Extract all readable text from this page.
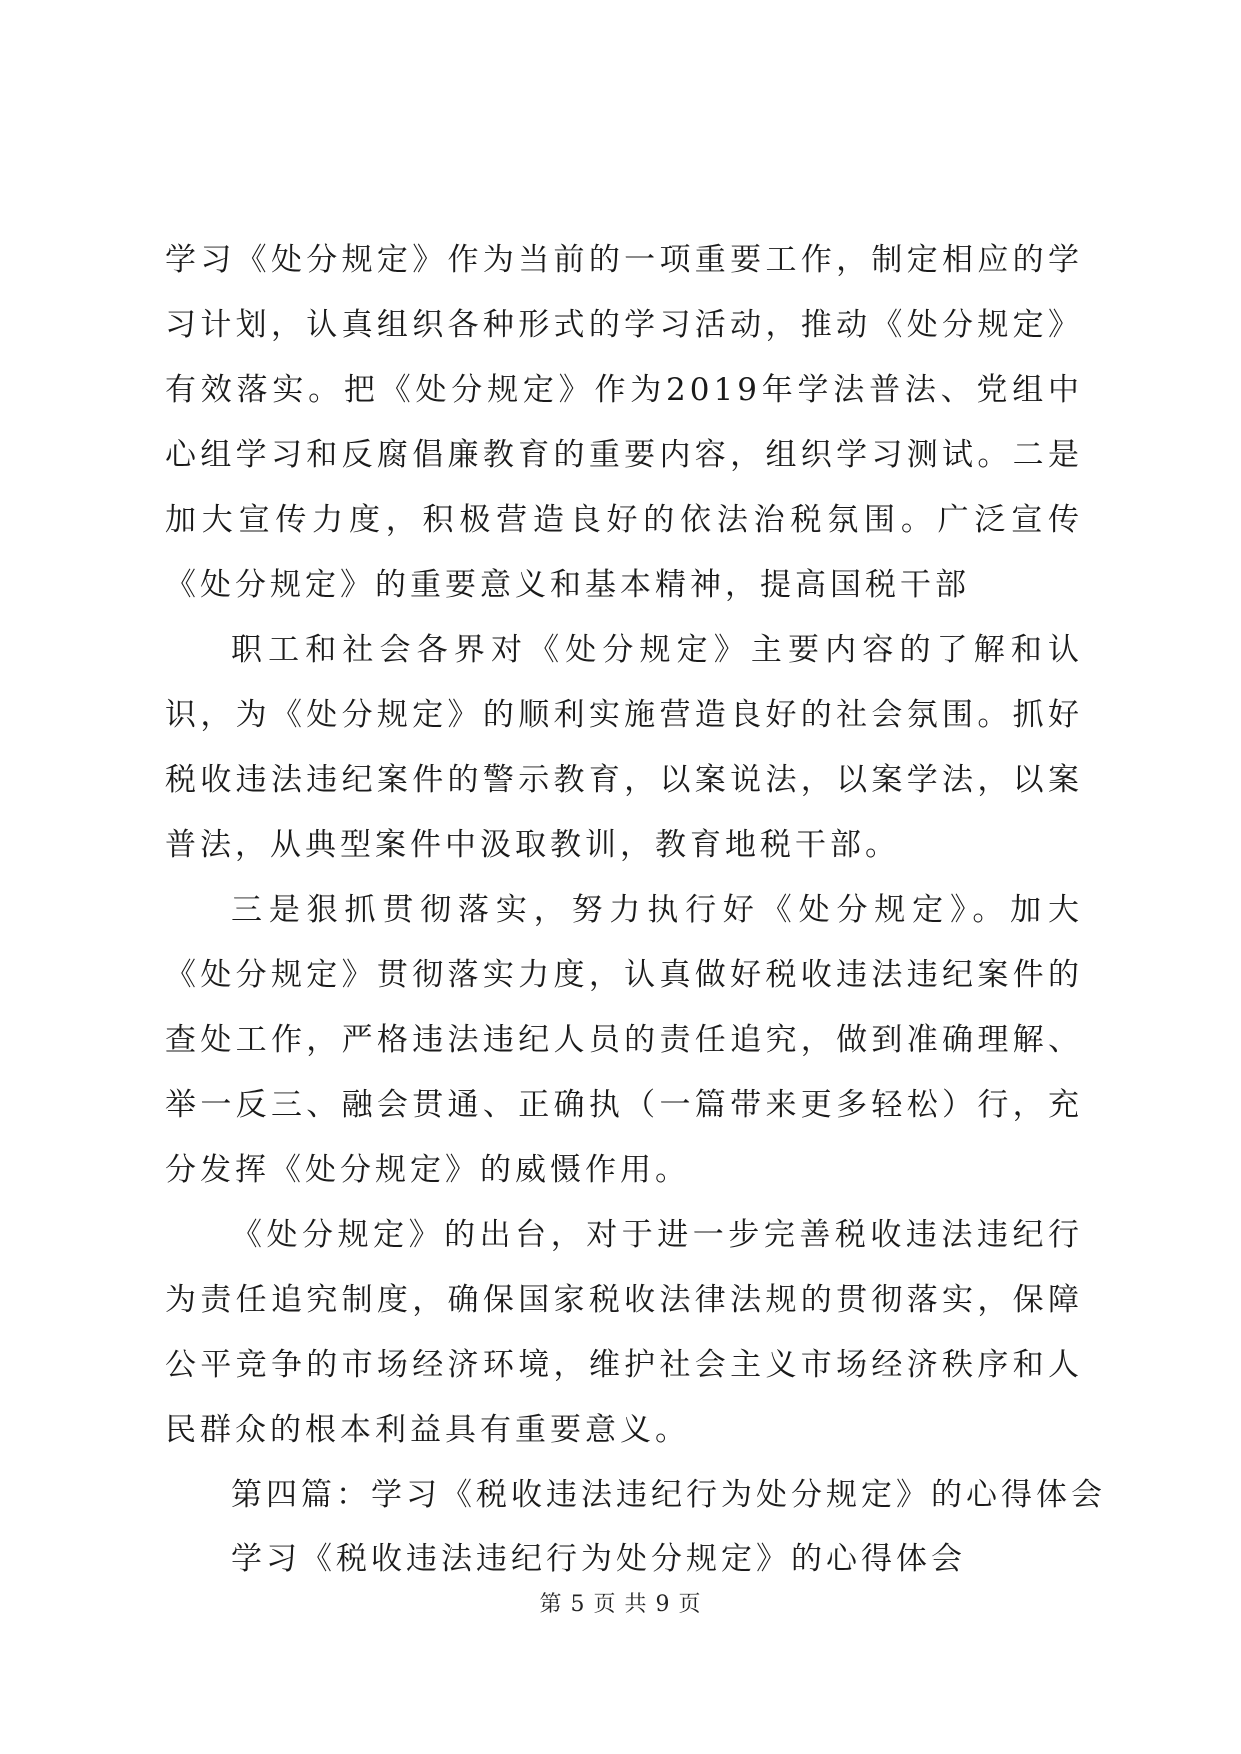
学习《处分规定》作为当前的一项重要工作，制定相应的学习计划，认真组织各种形式的学习活动，推动《处分规定》有效落实。把《处分规定》作为2019年学法普法、党组中心组学习和反腐倡廉教育的重要内容，组织学习测试。二是加大宣传力度，积极营造良好的依法治税氛围。广泛宣传《处分规定》的重要意义和基本精神，提高国税干部

职工和社会各界对《处分规定》主要内容的了解和认识，为《处分规定》的顺利实施营造良好的社会氛围。抓好税收违法违纪案件的警示教育，以案说法，以案学法，以案普法，从典型案件中汲取教训，教育地税干部。

三是狠抓贯彻落实，努力执行好《处分规定》。加大《处分规定》贯彻落实力度，认真做好税收违法违纪案件的查处工作，严格违法违纪人员的责任追究，做到准确理解、举一反三、融会贯通、正确执（一篇带来更多轻松）行，充分发挥《处分规定》的威慑作用。

《处分规定》的出台，对于进一步完善税收违法违纪行为责任追究制度，确保国家税收法律法规的贯彻落实，保障公平竞争的市场经济环境，维护社会主义市场经济秩序和人民群众的根本利益具有重要意义。

第四篇：学习《税收违法违纪行为处分规定》的心得体会

学习《税收违法违纪行为处分规定》的心得体会

第 5 页 共 9 页
